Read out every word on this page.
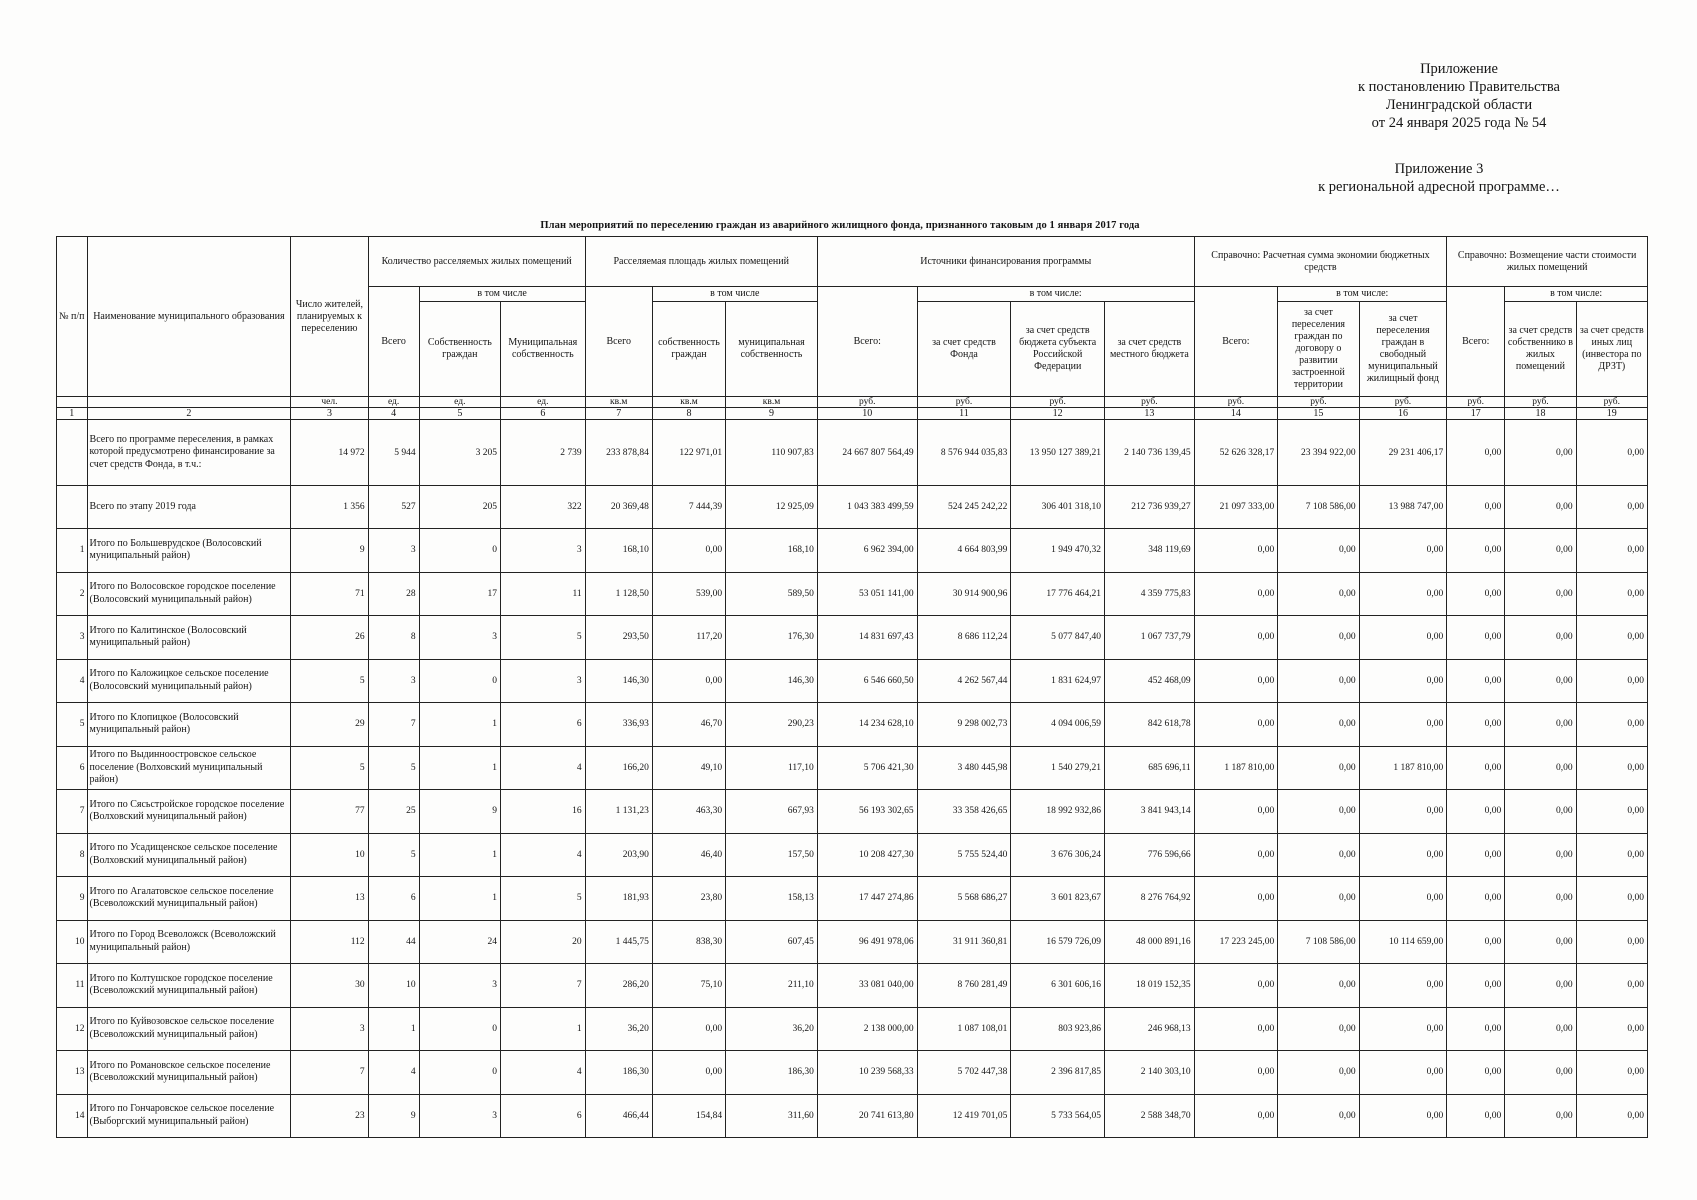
Приложение
к постановлению Правительства
Ленинградской области
от 24 января 2025 года № 54
Приложение 3
к региональной адресной программе…
План мероприятий по переселению граждан из аварийного жилищного фонда, признанного таковым до 1 января 2017 года
№ п/п	Наименование муниципального образования	Число жителей, планируемых к переселению	Количество расселяемых жилых помещений			Расселяемая площадь жилых помещений			Источники финансирования программы				Справочно: Расчетная сумма экономии бюджетных средств			Справочно: Возмещение части стоимости жилых помещений		
			Всего	в том числе		Всего	в том числе		Всего:	в том числе:			Всего:	в том числе:		Всего:	в том числе:	
				Собственность граждан	Муниципальная собственность		собственность граждан	муниципальная собственность		за счет средств Фонда	за счет средств бюджета субъекта Российской Федерации	за счет средств местного бюджета		за счет переселения граждан по договору о развитии застроенной территории	за счет переселения граждан в свободный муниципальный жилищный фонд		за счет средств собственнико в жилых помещений	за счет средств иных лиц (инвестора по ДРЗТ)
		чел.	ед.	ед.	ед.	кв.м	кв.м	кв.м	руб.	руб.	руб.	руб.	руб.	руб.	руб.	руб.	руб.	руб.
1	2	3	4	5	6	7	8	9	10	11	12	13	14	15	16	17	18	19
	Всего по программе переселения, в рамках которой предусмотрено финансирование за счет средств Фонда, в т.ч.:	14 972	5 944	3 205	2 739	233 878,84	122 971,01	110 907,83	24 667 807 564,49	8 576 944 035,83	13 950 127 389,21	2 140 736 139,45	52 626 328,17	23 394 922,00	29 231 406,17	0,00	0,00	0,00
	Всего по этапу 2019 года	1 356	527	205	322	20 369,48	7 444,39	12 925,09	1 043 383 499,59	524 245 242,22	306 401 318,10	212 736 939,27	21 097 333,00	7 108 586,00	13 988 747,00	0,00	0,00	0,00
1	Итого по Большеврудское (Волосовский муниципальный район)	9	3	0	3	168,10	0,00	168,10	6 962 394,00	4 664 803,99	1 949 470,32	348 119,69	0,00	0,00	0,00	0,00	0,00	0,00
2	Итого по Волосовское городское поселение (Волосовский муниципальный район)	71	28	17	11	1 128,50	539,00	589,50	53 051 141,00	30 914 900,96	17 776 464,21	4 359 775,83	0,00	0,00	0,00	0,00	0,00	0,00
3	Итого по Калитинское (Волосовский муниципальный район)	26	8	3	5	293,50	117,20	176,30	14 831 697,43	8 686 112,24	5 077 847,40	1 067 737,79	0,00	0,00	0,00	0,00	0,00	0,00
4	Итого по Каложицкое сельское поселение (Волосовский муниципальный район)	5	3	0	3	146,30	0,00	146,30	6 546 660,50	4 262 567,44	1 831 624,97	452 468,09	0,00	0,00	0,00	0,00	0,00	0,00
5	Итого по Клопицкое (Волосовский муниципальный район)	29	7	1	6	336,93	46,70	290,23	14 234 628,10	9 298 002,73	4 094 006,59	842 618,78	0,00	0,00	0,00	0,00	0,00	0,00
6	Итого по Выдинноостровское сельское поселение (Волховский муниципальный район)	5	5	1	4	166,20	49,10	117,10	5 706 421,30	3 480 445,98	1 540 279,21	685 696,11	1 187 810,00	0,00	1 187 810,00	0,00	0,00	0,00
7	Итого по Сясьстройское городское поселение (Волховский муниципальный район)	77	25	9	16	1 131,23	463,30	667,93	56 193 302,65	33 358 426,65	18 992 932,86	3 841 943,14	0,00	0,00	0,00	0,00	0,00	0,00
8	Итого по Усадищенское сельское поселение (Волховский муниципальный район)	10	5	1	4	203,90	46,40	157,50	10 208 427,30	5 755 524,40	3 676 306,24	776 596,66	0,00	0,00	0,00	0,00	0,00	0,00
9	Итого по Агалатовское сельское поселение (Всеволожский муниципальный район)	13	6	1	5	181,93	23,80	158,13	17 447 274,86	5 568 686,27	3 601 823,67	8 276 764,92	0,00	0,00	0,00	0,00	0,00	0,00
10	Итого по Город Всеволожск (Всеволожский муниципальный район)	112	44	24	20	1 445,75	838,30	607,45	96 491 978,06	31 911 360,81	16 579 726,09	48 000 891,16	17 223 245,00	7 108 586,00	10 114 659,00	0,00	0,00	0,00
11	Итого по Колтушское городское поселение (Всеволожский муниципальный район)	30	10	3	7	286,20	75,10	211,10	33 081 040,00	8 760 281,49	6 301 606,16	18 019 152,35	0,00	0,00	0,00	0,00	0,00	0,00
12	Итого по Куйвозовское сельское поселение (Всеволожский муниципальный район)	3	1	0	1	36,20	0,00	36,20	2 138 000,00	1 087 108,01	803 923,86	246 968,13	0,00	0,00	0,00	0,00	0,00	0,00
13	Итого по Романовское сельское поселение (Всеволожский муниципальный район)	7	4	0	4	186,30	0,00	186,30	10 239 568,33	5 702 447,38	2 396 817,85	2 140 303,10	0,00	0,00	0,00	0,00	0,00	0,00
14	Итого по Гончаровское сельское поселение (Выборгский муниципальный район)	23	9	3	6	466,44	154,84	311,60	20 741 613,80	12 419 701,05	5 733 564,05	2 588 348,70	0,00	0,00	0,00	0,00	0,00	0,00
